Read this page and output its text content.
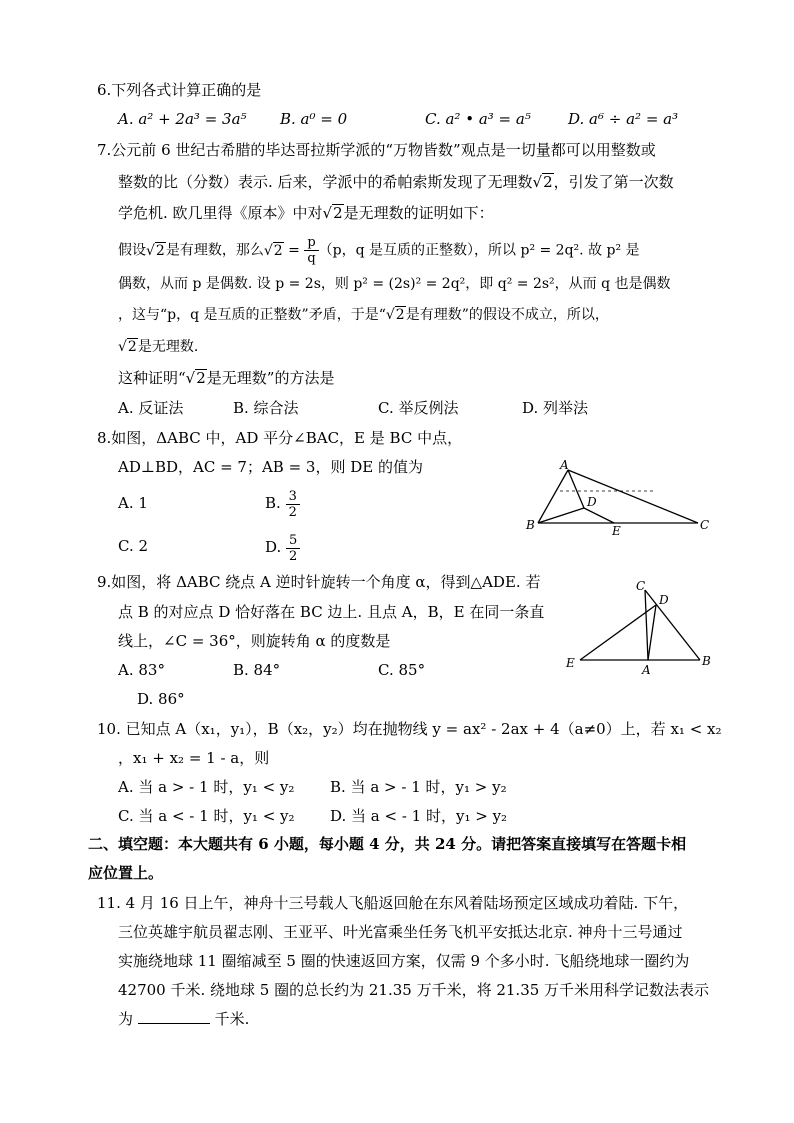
6.下列各式计算正确的是
A. a² + 2a³ = 3a⁵ B. a⁰ = 0	C. a² • a³ = a⁵ D. a⁶ ÷ a² = a³
7.公元前 6 世纪古希腊的毕达哥拉斯学派的“万物皆数”观点是一切量都可以用整数或
整数的比（分数）表示. 后来，学派中的希帕索斯发现了无理数√2，引发了第一次数
学危机. 欧几里得《原本》中对√2是无理数的证明如下：
假设√2是有理数，那么$√2 = \frac{p}{q} (p$，q 是互质的正整数），所以 p² = 2q². 故 p² 是
偶数，从而 p 是偶数. 设 p = 2s，则 p² = (2s)² = 2q²，即 q² = 2s²，从而 q 也是偶数
，这与“p，q 是互质的正整数”矛盾，于是“√2是有理数”的假设不成立，所以，
√2是无理数.
这种证明“√2是无理数”的方法是
A. 反证法	B. 综合法	C. 举反例法	D. 列举法
8.如图，ΔABC 中，AD 平分∠BAC，E 是 BC 中点，
AD⊥BD，AC = 7；AB = 3，则 DE 的值为
A. 1	B. $\frac{3}{2}$
C. 2	D. $\frac{5}{2}$
A
B	C
D
E
9.如图，将 ΔABC 绕点 A 逆时针旋转一个角度 α，得到△ADE. 若
点 B 的对应点 D 恰好落在 BC 边上. 且点 A，B，E 在同一条直
线上，∠C = 36°，则旋转角 α 的度数是
A. 83°	B. 84°	C. 85°
D. 86°
C
D
E	A
B
10. 已知点 A（x₁，y₁），B（x₂，y₂）均在抛物线 y = ax² - 2ax + 4（a≠0）上，若 x₁ < x₂
，x₁ + x₂ = 1 - a，则
A. 当 a > - 1 时，y₁ < y₂ B. 当 a > - 1 时，y₁ > y₂
C. 当 a < - 1 时，y₁ < y₂ D. 当 a < - 1 时，y₁ > y₂
二、填空题：本大题共有 6 小题，每小题 4 分，共 24 分。请把答案直接填写在答题卡相
应位置上。
11. 4 月 16 日上午，神舟十三号载人飞船返回舱在东风着陆场预定区域成功着陆. 下午，
三位英雄宇航员翟志刚、王亚平、叶光富乘坐任务飞机平安抵达北京. 神舟十三号通过
实施绕地球 11 圈缩减至 5 圈的快速返回方案，仅需 9 个多小时. 飞船绕地球一圈约为
42700 千米. 绕地球 5 圈的总长约为 21.35 万千米，将 21.35 万千米用科学记数法表示
为	千米.
